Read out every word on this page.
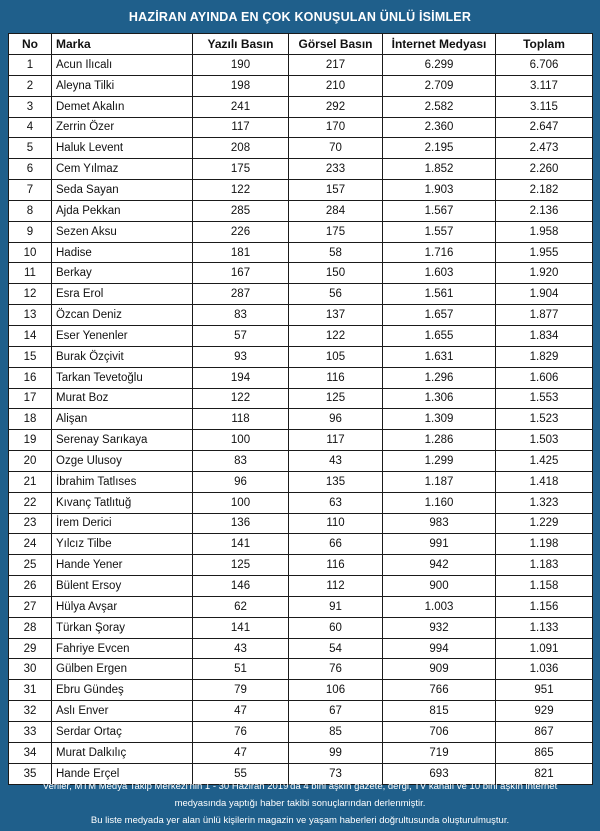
HAZİRAN AYINDA EN ÇOK KONUŞULAN ÜNLÜ İSİMLER
No	Marka	Yazılı Basın	Görsel Basın	İnternet Medyası	Toplam
1	Acun Ilıcalı	190	217	6.299	6.706
2	Aleyna Tilki	198	210	2.709	3.117
3	Demet Akalın	241	292	2.582	3.115
4	Zerrin Özer	117	170	2.360	2.647
5	Haluk Levent	208	70	2.195	2.473
6	Cem Yılmaz	175	233	1.852	2.260
7	Seda Sayan	122	157	1.903	2.182
8	Ajda Pekkan	285	284	1.567	2.136
9	Sezen Aksu	226	175	1.557	1.958
10	Hadise	181	58	1.716	1.955
11	Berkay	167	150	1.603	1.920
12	Esra Erol	287	56	1.561	1.904
13	Özcan Deniz	83	137	1.657	1.877
14	Eser Yenenler	57	122	1.655	1.834
15	Burak Özçivit	93	105	1.631	1.829
16	Tarkan Tevetoğlu	194	116	1.296	1.606
17	Murat Boz	122	125	1.306	1.553
18	Alişan	118	96	1.309	1.523
19	Serenay Sarıkaya	100	117	1.286	1.503
20	Ozge Ulusoy	83	43	1.299	1.425
21	İbrahim Tatlıses	96	135	1.187	1.418
22	Kıvanç Tatlıtuğ	100	63	1.160	1.323
23	İrem Derici	136	110	983	1.229
24	Yılcız Tilbe	141	66	991	1.198
25	Hande Yener	125	116	942	1.183
26	Bülent Ersoy	146	112	900	1.158
27	Hülya Avşar	62	91	1.003	1.156
28	Türkan Şoray	141	60	932	1.133
29	Fahriye Evcen	43	54	994	1.091
30	Gülben Ergen	51	76	909	1.036
31	Ebru Gündeş	79	106	766	951
32	Aslı Enver	47	67	815	929
33	Serdar Ortaç	76	85	706	867
34	Murat Dalkılıç	47	99	719	865
35	Hande Erçel	55	73	693	821
Veriler, MTM Medya Takip Merkezi'nin 1 - 30 Haziran 2019'da 4 bini aşkın gazete, dergi, TV kanalı ve 10 bini aşkın internet
medyasında yaptığı haber takibi sonuçlarından derlenmiştir.
Bu liste medyada yer alan ünlü kişilerin magazin ve yaşam haberleri doğrultusunda oluşturulmuştur.
